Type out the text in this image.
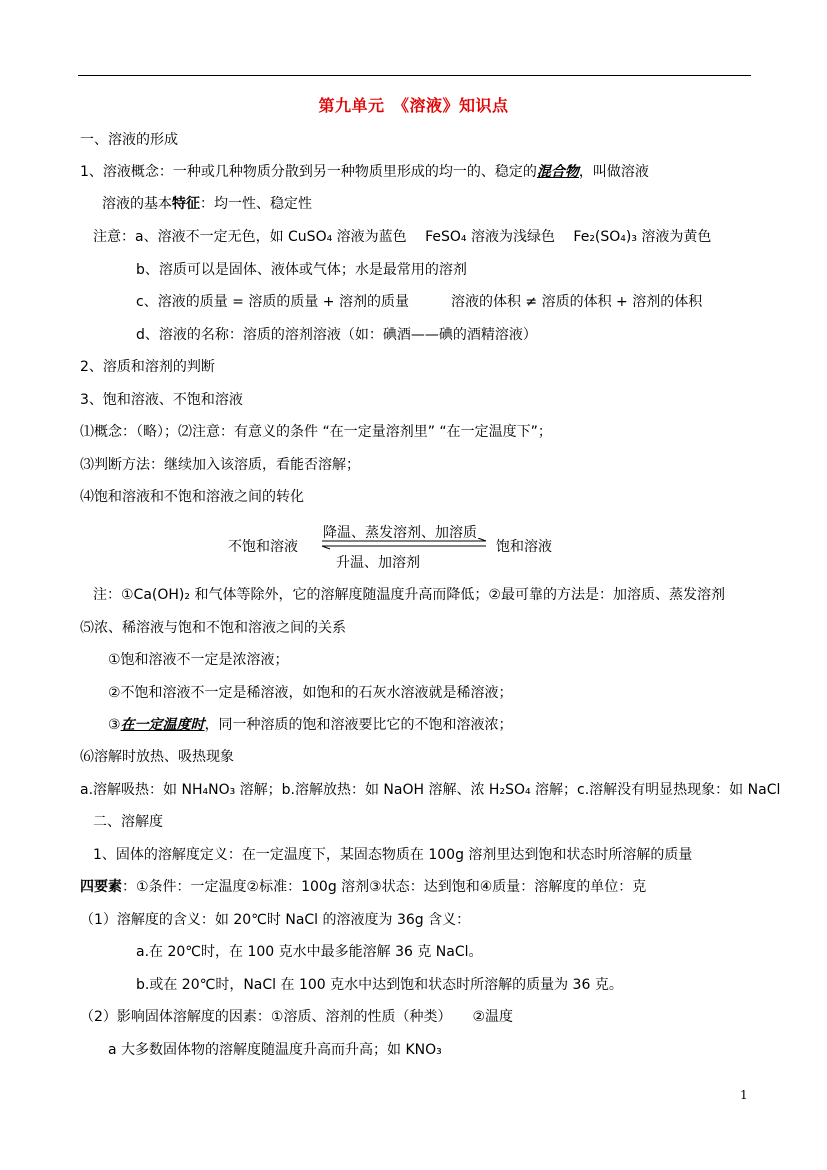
第九单元　《溶液》知识点
一、溶液的形成
1、溶液概念：一种或几种物质分散到另一种物质里形成的均一的、稳定的混合物，叫做溶液
溶液的基本特征：均一性、稳定性
注意：a、溶液不一定无色，如 CuSO₄ 溶液为蓝色　 FeSO₄ 溶液为浅绿色　 Fe₂(SO₄)₃ 溶液为黄色
b、溶质可以是固体、液体或气体；水是最常用的溶剂
c、溶液的质量 = 溶质的质量 + 溶剂的质量　　　溶液的体积 ≠ 溶质的体积 + 溶剂的体积
d、溶液的名称：溶质的溶剂溶液（如：碘酒——碘的酒精溶液）
2、溶质和溶剂的判断
3、饱和溶液、不饱和溶液
⑴概念：（略）；⑵注意：有意义的条件 “在一定量溶剂里” “在一定温度下”；
⑶判断方法：继续加入该溶质，看能否溶解；
⑷饱和溶液和不饱和溶液之间的转化
降温、蒸发溶剂、加溶质
不饱和溶液	饱和溶液
升温、加溶剂
注：①Ca(OH)₂ 和气体等除外，它的溶解度随温度升高而降低；②最可靠的方法是：加溶质、蒸发溶剂
⑸浓、稀溶液与饱和不饱和溶液之间的关系
①饱和溶液不一定是浓溶液；
②不饱和溶液不一定是稀溶液，如饱和的石灰水溶液就是稀溶液；
③在一定温度时，同一种溶质的饱和溶液要比它的不饱和溶液浓；
⑹溶解时放热、吸热现象
a.溶解吸热：如 NH₄NO₃ 溶解；b.溶解放热：如 NaOH 溶解、浓 H₂SO₄ 溶解；c.溶解没有明显热现象：如 NaCl
二、溶解度
1、固体的溶解度定义：在一定温度下，某固态物质在 100g 溶剂里达到饱和状态时所溶解的质量
四要素：①条件：一定温度②标准：100g 溶剂③状态：达到饱和④质量：溶解度的单位：克
（1）溶解度的含义：如 20℃时 NaCl 的溶液度为 36g 含义：
a.在 20℃时，在 100 克水中最多能溶解 36 克 NaCl。
b.或在 20℃时，NaCl 在 100 克水中达到饱和状态时所溶解的质量为 36 克。
（2）影响固体溶解度的因素：①溶质、溶剂的性质（种类）　　②温度
a 大多数固体物的溶解度随温度升高而升高；如 KNO₃
1
